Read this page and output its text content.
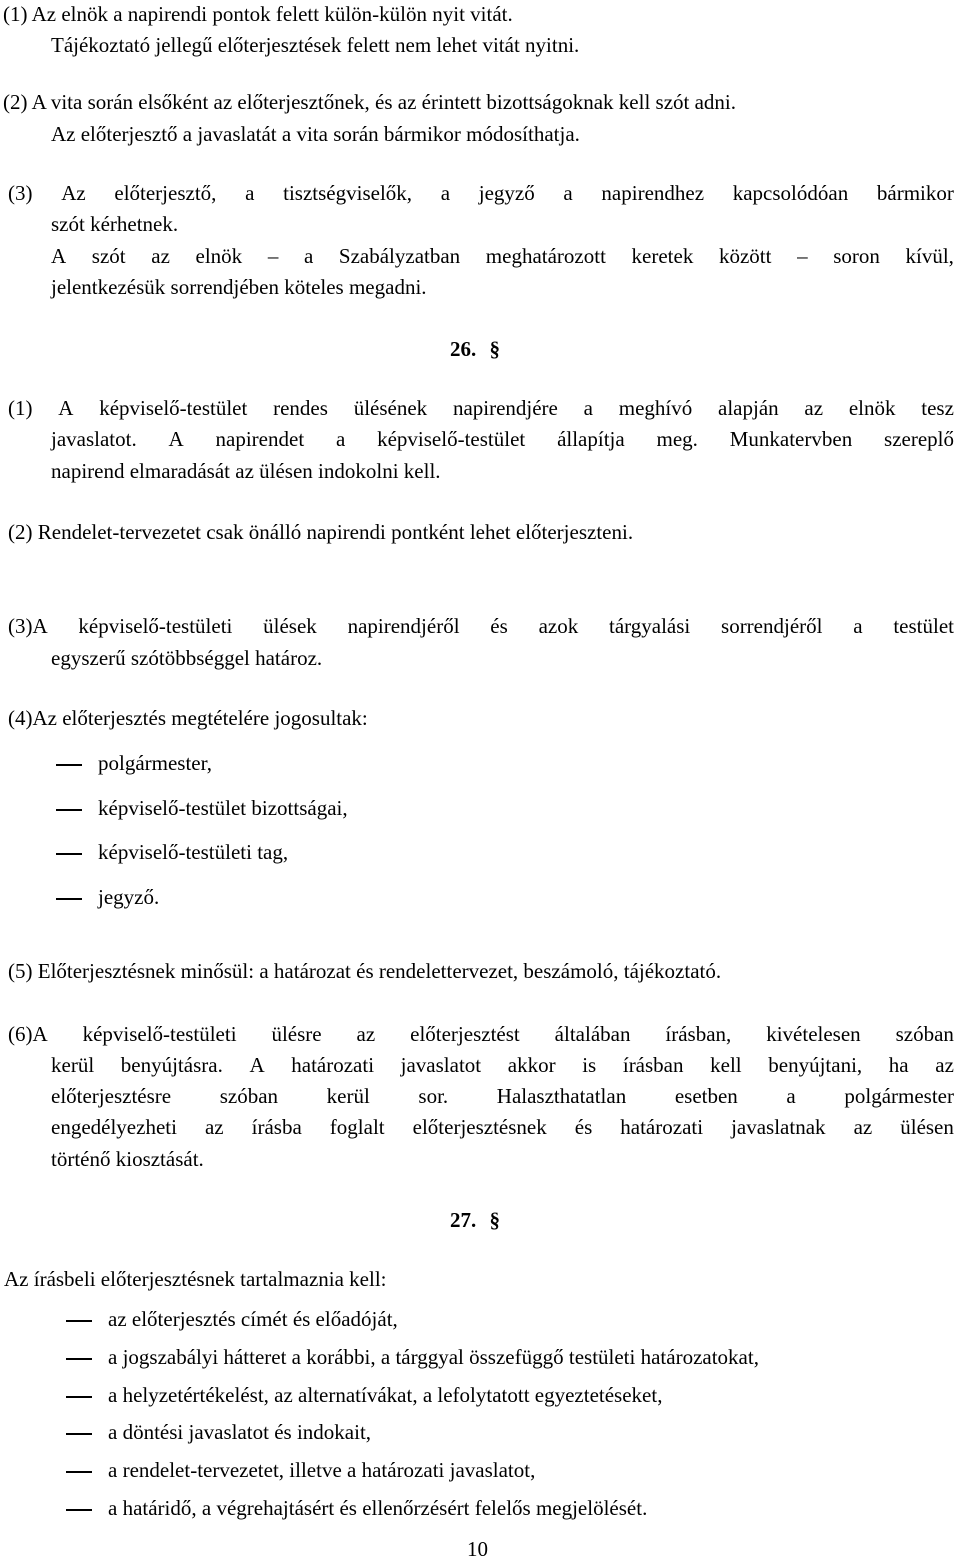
(1) Az elnök a napirendi pontok felett külön-külön nyit vitát.
Tájékoztató jellegű előterjesztések felett nem lehet vitát nyitni.
(2) A vita során elsőként az előterjesztőnek, és az érintett bizottságoknak kell szót adni.
Az előterjesztő a javaslatát a vita során bármikor módosíthatja.
(3) Az előterjesztő, a tisztségviselők, a jegyző a napirendhez kapcsolódóan bármikor
szót kérhetnek.
A szót az elnök – a Szabályzatban meghatározott keretek között – soron kívül,
jelentkezésük sorrendjében köteles megadni.
26. §
(1) A képviselő-testület rendes ülésének napirendjére a meghívó alapján az elnök tesz
javaslatot. A napirendet a képviselő-testület állapítja meg. Munkatervben szereplő
napirend elmaradását az ülésen indokolni kell.
(2) Rendelet-tervezetet csak önálló napirendi pontként lehet előterjeszteni.
(3)A képviselő-testületi ülések napirendjéről és azok tárgyalási sorrendjéről a testület
egyszerű szótöbbséggel határoz.
(4)Az előterjesztés megtételére jogosultak:
polgármester,
képviselő-testület bizottságai,
képviselő-testületi tag,
jegyző.
(5) Előterjesztésnek minősül: a határozat és rendelettervezet, beszámoló, tájékoztató.
(6)A képviselő-testületi ülésre az előterjesztést általában írásban, kivételesen szóban
kerül benyújtásra. A határozati javaslatot akkor is írásban kell benyújtani, ha az
előterjesztésre szóban kerül sor. Halaszthatatlan esetben a polgármester
engedélyezheti az írásba foglalt előterjesztésnek és határozati javaslatnak az ülésen
történő kiosztását.
27. §
Az írásbeli előterjesztésnek tartalmaznia kell:
az előterjesztés címét és előadóját,
a jogszabályi hátteret a korábbi, a tárggyal összefüggő testületi határozatokat,
a helyzetértékelést, az alternatívákat, a lefolytatott egyeztetéseket,
a döntési javaslatot és indokait,
a rendelet-tervezetet, illetve a határozati javaslatot,
a határidő, a végrehajtásért és ellenőrzésért felelős megjelölését.
10
